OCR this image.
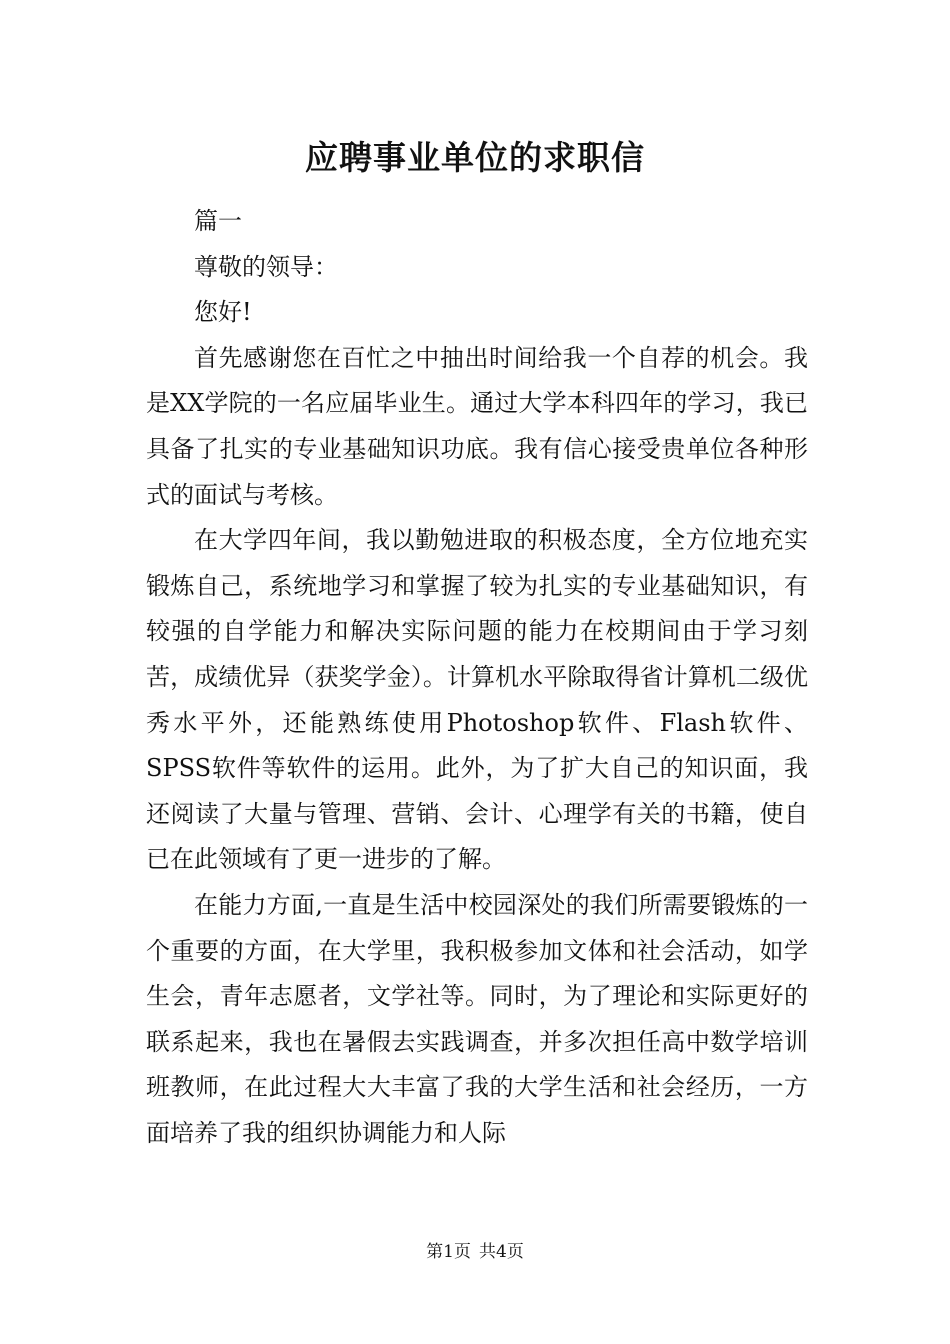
应聘事业单位的求职信

篇一

尊敬的领导：

您好!

首先感谢您在百忙之中抽出时间给我一个自荐的机会。我是XX学院的一名应届毕业生。通过大学本科四年的学习，我已具备了扎实的专业基础知识功底。我有信心接受贵单位各种形式的面试与考核。

在大学四年间，我以勤勉进取的积极态度，全方位地充实锻炼自己，系统地学习和掌握了较为扎实的专业基础知识，有较强的自学能力和解决实际问题的能力在校期间由于学习刻苦，成绩优异（获奖学金）。计算机水平除取得省计算机二级优秀水平外，还能熟练使用Photoshop软件、Flash软件、SPSS软件等软件的运用。此外，为了扩大自己的知识面，我还阅读了大量与管理、营销、会计、心理学有关的书籍，使自已在此领域有了更一进步的了解。

在能力方面,一直是生活中校园深处的我们所需要锻炼的一个重要的方面，在大学里，我积极参加文体和社会活动，如学生会，青年志愿者，文学社等。同时，为了理论和实际更好的联系起来，我也在暑假去实践调查，并多次担任高中数学培训班教师，在此过程大大丰富了我的大学生活和社会经历，一方面培养了我的组织协调能力和人际

第1页 共4页
